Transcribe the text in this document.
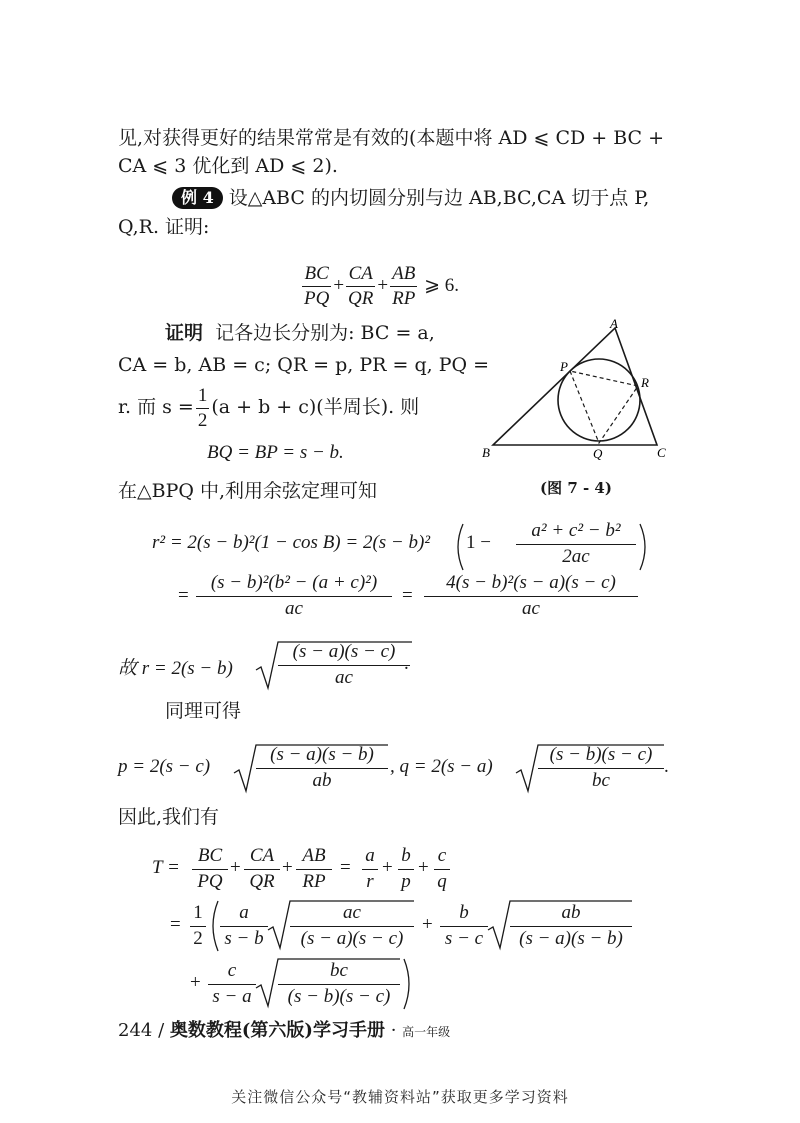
见,对获得更好的结果常常是有效的(本题中将 AD ⩽ CD + BC +
CA ⩽ 3 优化到 AD ⩽ 2).
例 4 设△ABC 的内切圆分别与边 AB,BC,CA 切于点 P,
Q,R. 证明:
$\frac{BC}{PQ} + \frac{CA}{QR} + \frac{AB}{RP}$ ⩾ 6.
证明 记各边长分别为: BC = a,
CA = b, AB = c; QR = p, PR = q, PQ =
r. 而 $s = \frac{1}{2} (a + b + c)$(半周长). 则
BQ = BP = s − b.
在△BPQ 中,利用余弦定理可知
A
B	C
P
Q
R
(图 7 - 4)
r² = 2(s − b)²(1 − cos B) = 2(s − b)² 1 −
a² + c² − b²
2ac
=
(s − b)²(b² − (a + c)²)
ac
=
4(s − b)²(s − a)(s − c)
ac
故 r = 2(s − b)
(s − a)(s − c)
ac
.
同理可得
p = 2(s − c)
(s − a)(s − b)
ab
, q = 2(s − a)
(s − b)(s − c)
bc
.
因此,我们有
T =
BC
PQ
+
CA
QR
+
AB
RP
=
a
r
+
b
p
+
c
q
=
1
2
a
s − b
ac
(s − a)(s − c)
+
b
s − c
ab
(s − a)(s − b)
+
c
s − a
bc
(s − b)(s − c)
244 / 奥数教程(第六版)学习手册 · 高一年级
关注微信公众号“教辅资料站”获取更多学习资料
